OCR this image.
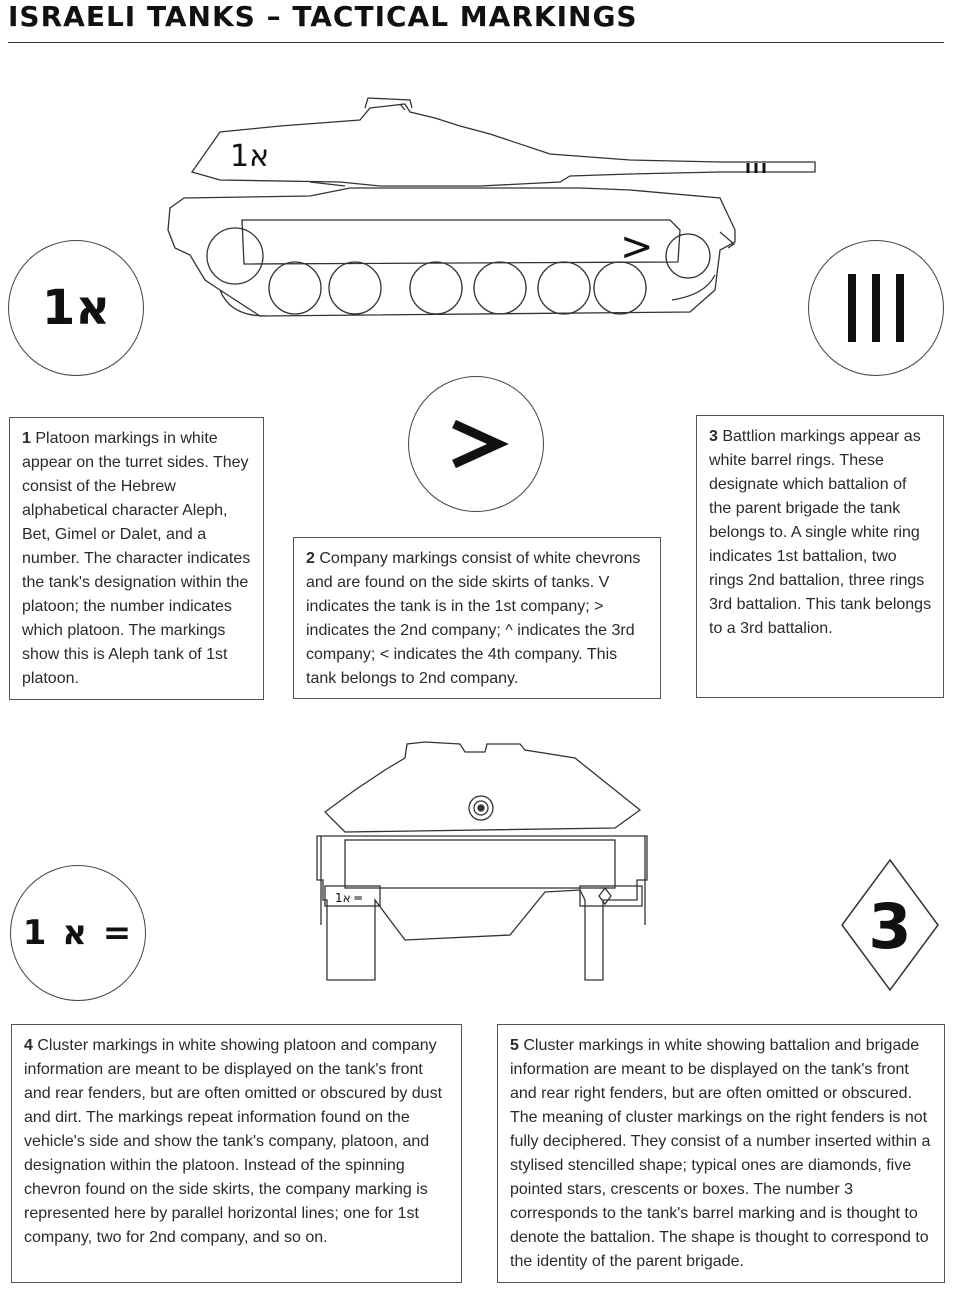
ISRAELI TANKS – TACTICAL MARKINGS
א1
>
א1
1 Platoon markings in white appear on the turret sides. They consist of the Hebrew alphabetical character Aleph, Bet, Gimel or Dalet, and a number. The character indicates the tank's designation within the platoon; the number indicates which platoon. The markings show this is Aleph tank of 1st platoon.
2 Company markings consist of white chevrons and are found on the side skirts of tanks. V indicates the tank is in the 1st company; > indicates the 2nd company; ^ indicates the 3rd company; < indicates the 4th company. This tank belongs to 2nd company.
3 Battlion markings appear as white barrel rings. These designate which battalion of the parent brigade the tank belongs to. A single white ring indicates 1st battalion, two rings 2nd battalion, three rings 3rd battalion. This tank belongs to a 3rd battalion.
א1 ═
א 1 =	3
4 Cluster markings in white showing platoon and company information are meant to be displayed on the tank's front and rear fenders, but are often omitted or obscured by dust and dirt. The markings repeat information found on the vehicle's side and show the tank's company, platoon, and designation within the platoon. Instead of the spinning chevron found on the side skirts, the company marking is represented here by parallel horizontal lines; one for 1st company, two for 2nd company, and so on.
5 Cluster markings in white showing battalion and brigade information are meant to be displayed on the tank's front and rear right fenders, but are often omitted or obscured. The meaning of cluster markings on the right fenders is not fully deciphered. They consist of a number inserted within a stylised stencilled shape; typical ones are diamonds, five pointed stars, crescents or boxes. The number 3 corresponds to the tank's barrel marking and is thought to denote the battalion. The shape is thought to correspond to the identity of the parent brigade.
